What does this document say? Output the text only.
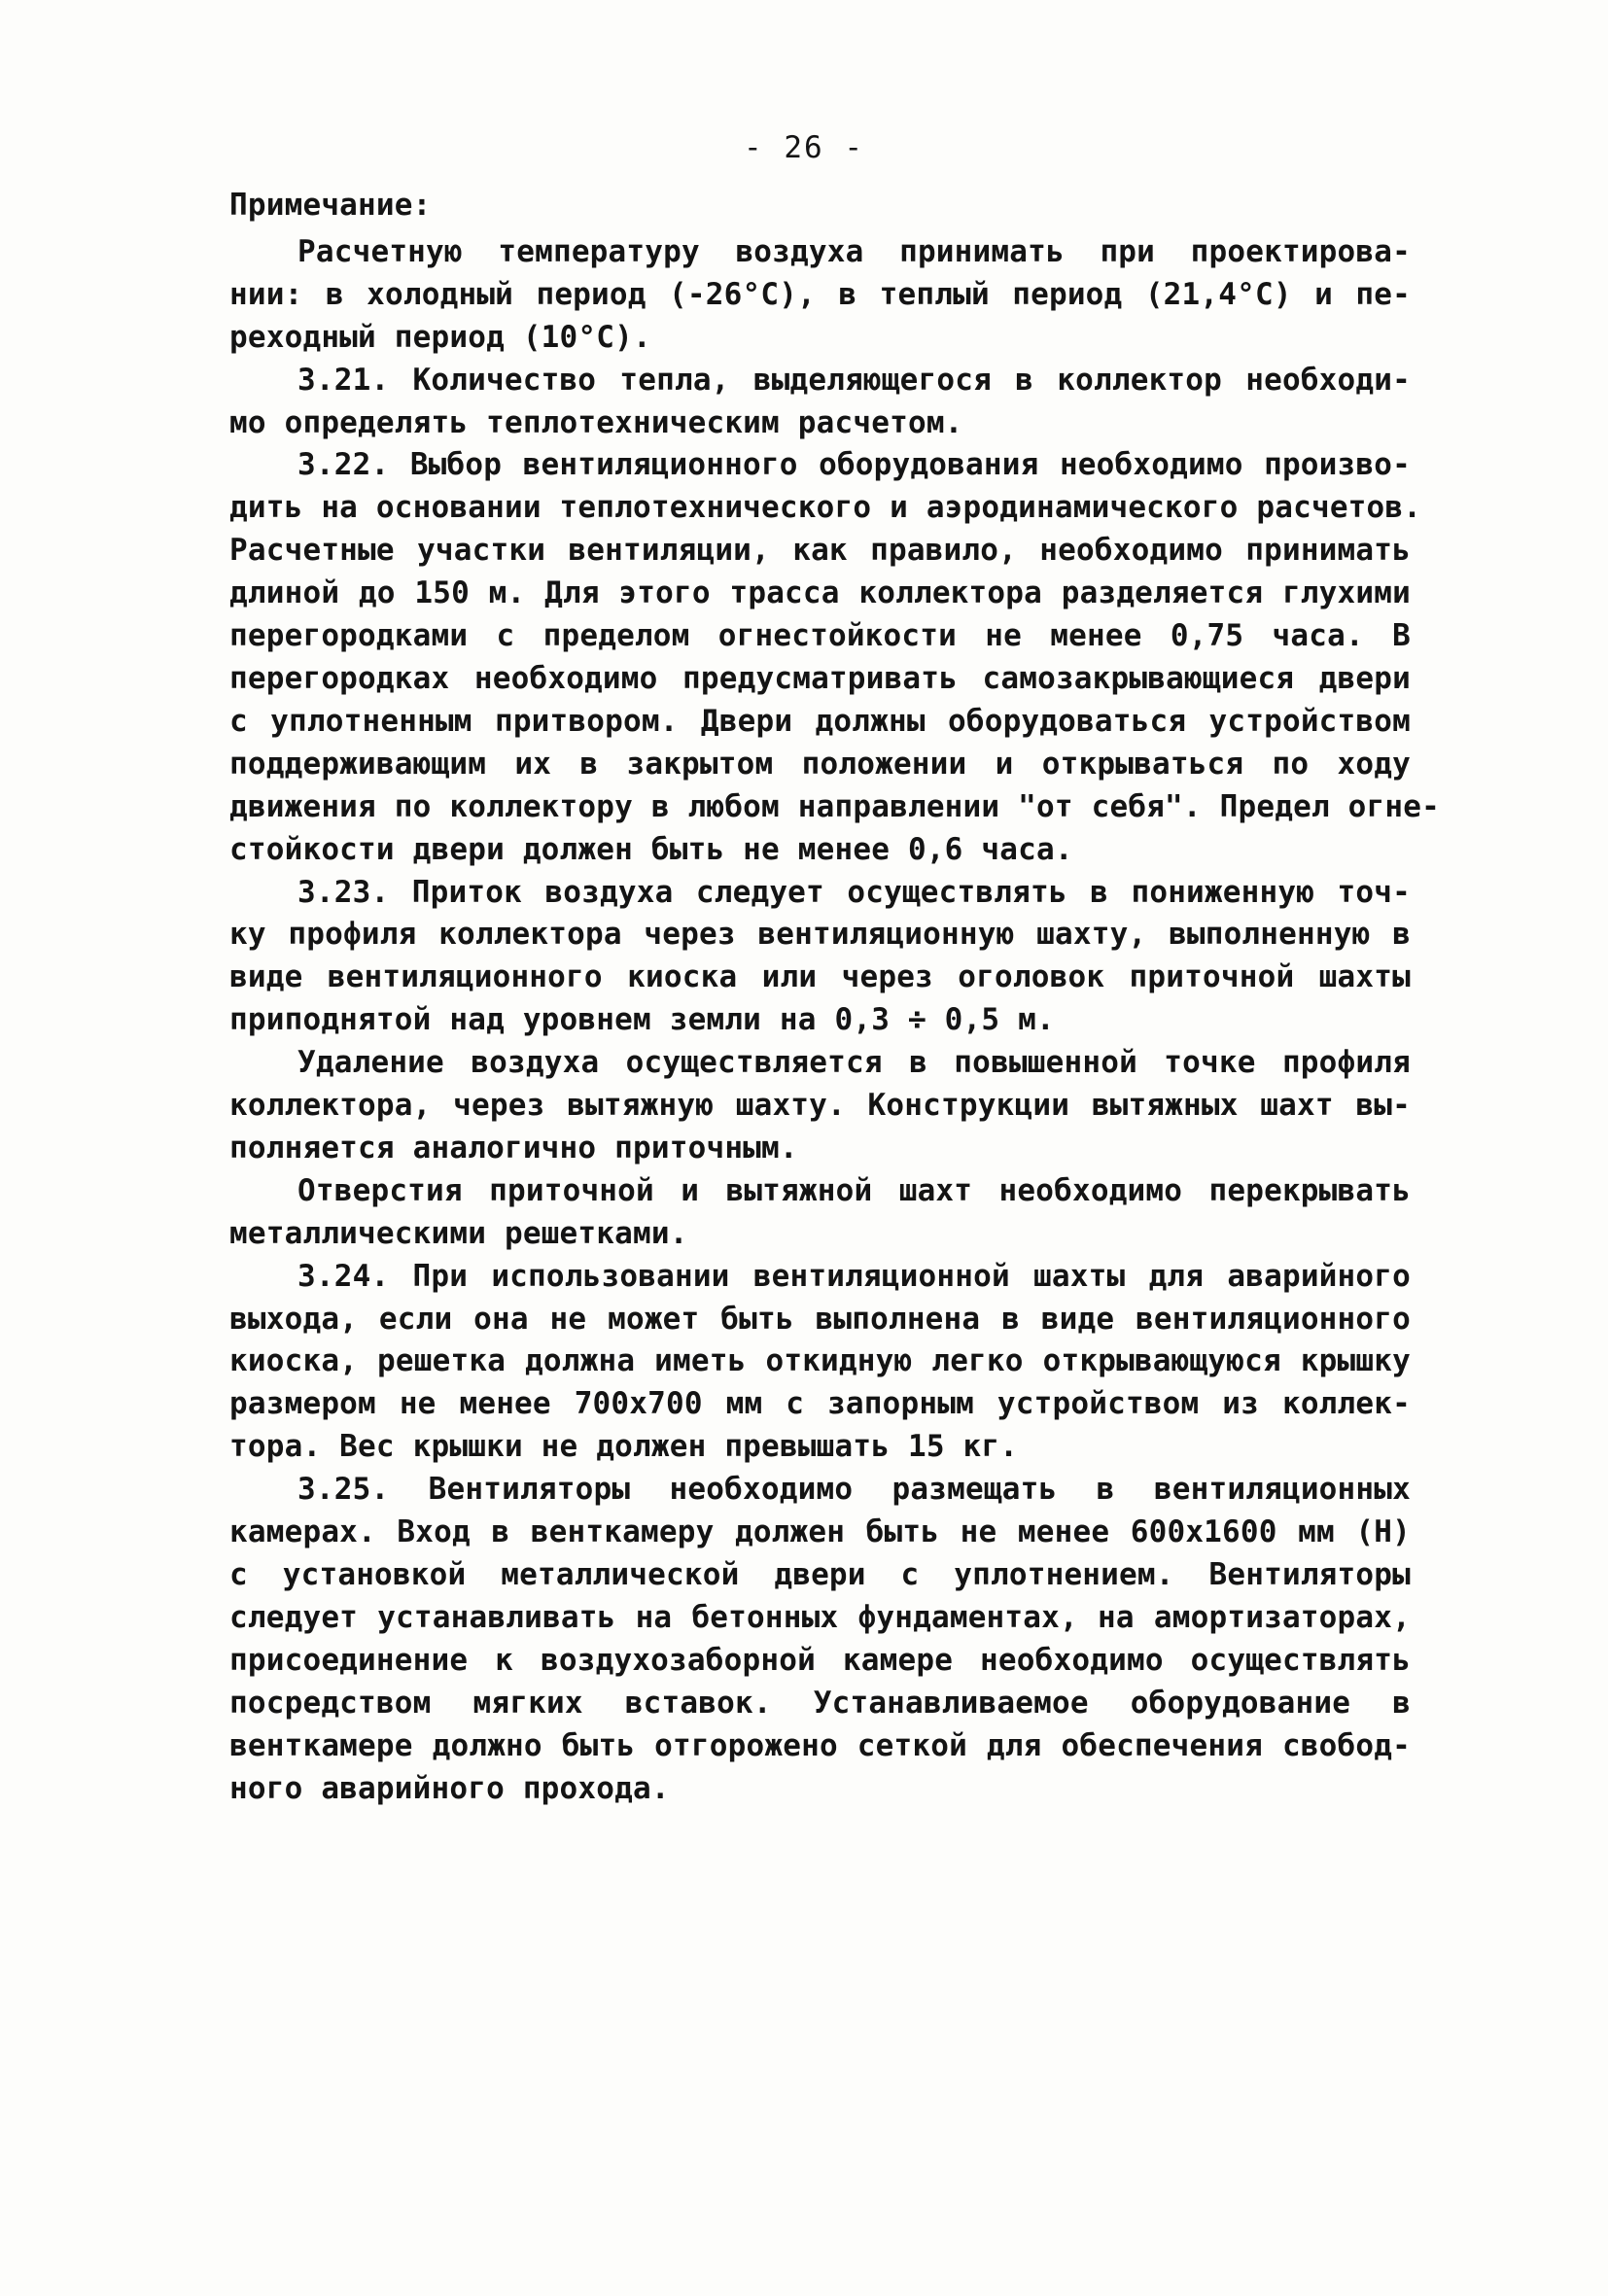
- 26 -
Примечание:
Расчетную температуру воздуха принимать при проектирова-
нии: в холодный период (-26°С), в теплый период (21,4°С) и пе-
реходный период (10°С).
3.21. Количество тепла, выделяющегося в коллектор необходи-
мо определять теплотехническим расчетом.
3.22. Выбор вентиляционного оборудования необходимо произво-
дить на основании теплотехнического и аэродинамического расчетов.
Расчетные участки вентиляции, как правило, необходимо принимать
длиной до 150 м. Для этого трасса коллектора разделяется глухими
перегородками с пределом огнестойкости не менее 0,75 часа. В
перегородках необходимо предусматривать самозакрывающиеся двери
с уплотненным притвором. Двери должны оборудоваться устройством
поддерживающим их в закрытом положении и открываться по ходу
движения по коллектору в любом направлении "от себя". Предел огне-
стойкости двери должен быть не менее 0,6 часа.
3.23. Приток воздуха следует осуществлять в пониженную точ-
ку профиля коллектора через вентиляционную шахту, выполненную в
виде вентиляционного киоска или через оголовок приточной шахты
приподнятой над уровнем земли на 0,3 ÷ 0,5 м.
Удаление воздуха осуществляется в повышенной точке профиля
коллектора, через вытяжную шахту. Конструкции вытяжных шахт вы-
полняется аналогично приточным.
Отверстия приточной и вытяжной шахт необходимо перекрывать
металлическими решетками.
3.24. При использовании вентиляционной шахты для аварийного
выхода, если она не может быть выполнена в виде вентиляционного
киоска, решетка должна иметь откидную легко открывающуюся крышку
размером не менее 700х700 мм с запорным устройством из коллек-
тора. Вес крышки не должен превышать 15 кг.
3.25. Вентиляторы необходимо размещать в вентиляционных
камерах. Вход в венткамеру должен быть не менее 600х1600 мм (Н)
с установкой металлической двери с уплотнением. Вентиляторы
следует устанавливать на бетонных фундаментах, на амортизаторах,
присоединение к воздухозаборной камере необходимо осуществлять
посредством мягких вставок. Устанавливаемое оборудование в
венткамере должно быть отгорожено сеткой для обеспечения свобод-
ного аварийного прохода.
